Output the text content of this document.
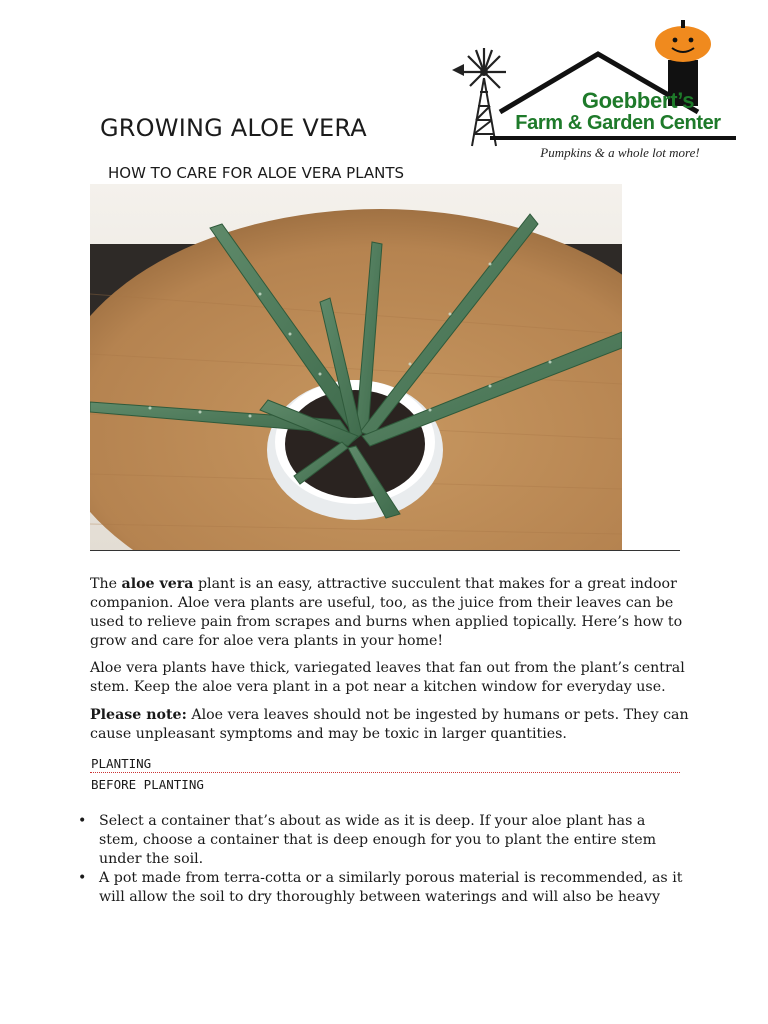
GROWING ALOE VERA
HOW TO CARE FOR ALOE VERA PLANTS
Goebbert’s
Farm & Garden Center
Pumpkins & a whole lot more!
The aloe vera plant is an easy, attractive succulent that makes for a great indoor companion. Aloe vera plants are useful, too, as the juice from their leaves can be used to relieve pain from scrapes and burns when applied topically. Here’s how to grow and care for aloe vera plants in your home!
Aloe vera plants have thick, variegated leaves that fan out from the plant’s central stem. Keep the aloe vera plant in a pot near a kitchen window for everyday use.
Please note: Aloe vera leaves should not be ingested by humans or pets. They can cause unpleasant symptoms and may be toxic in larger quantities.
PLANTING
BEFORE PLANTING
• Select a container that’s about as wide as it is deep. If your aloe plant has a stem, choose a container that is deep enough for you to plant the entire stem under the soil.
• A pot made from terra-cotta or a similarly porous material is recommended, as it will allow the soil to dry thoroughly between waterings and will also be heavy
